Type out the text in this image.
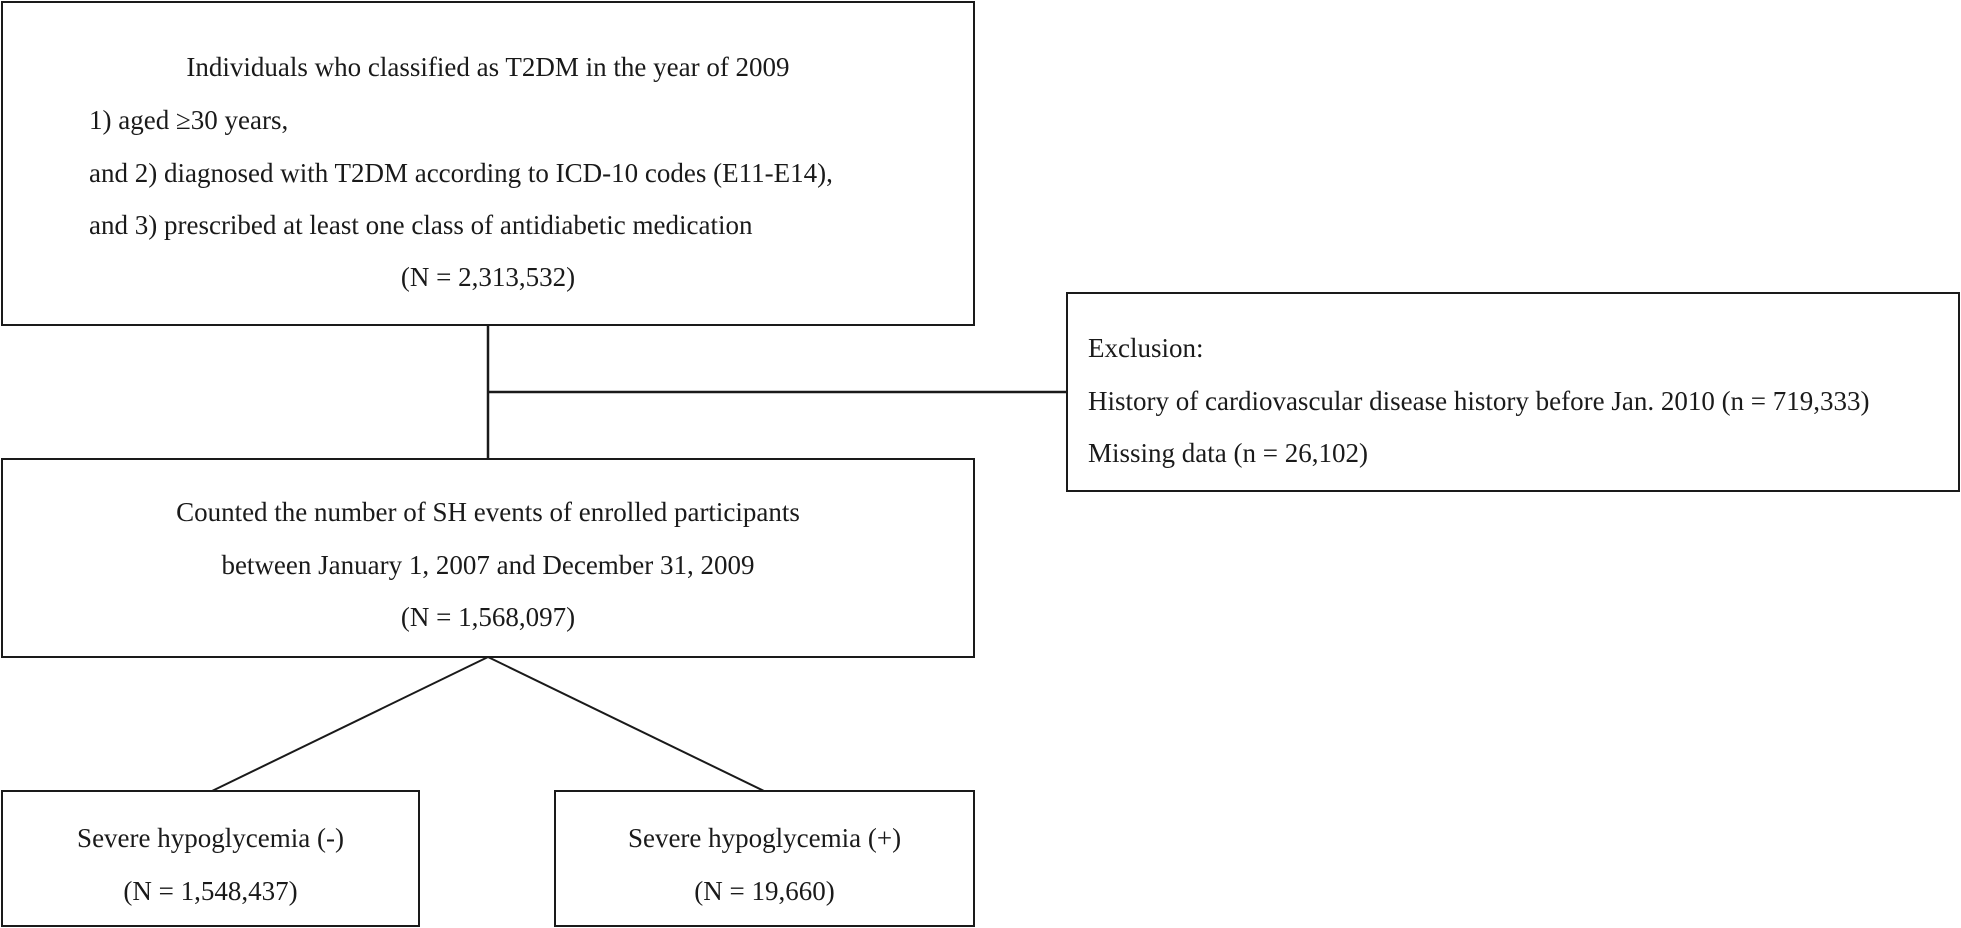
Individuals who classified as T2DM in the year of 2009
1) aged ≥30 years,
and 2) diagnosed with T2DM according to ICD-10 codes (E11-E14),
and 3) prescribed at least one class of antidiabetic medication
(N = 2,313,532)
Exclusion:
History of cardiovascular disease history before Jan. 2010 (n = 719,333)
Missing data (n = 26,102)
Counted the number of SH events of enrolled participants
between January 1, 2007 and December 31, 2009
(N = 1,568,097)
Severe hypoglycemia (-)
(N = 1,548,437)
Severe hypoglycemia (+)
(N = 19,660)
